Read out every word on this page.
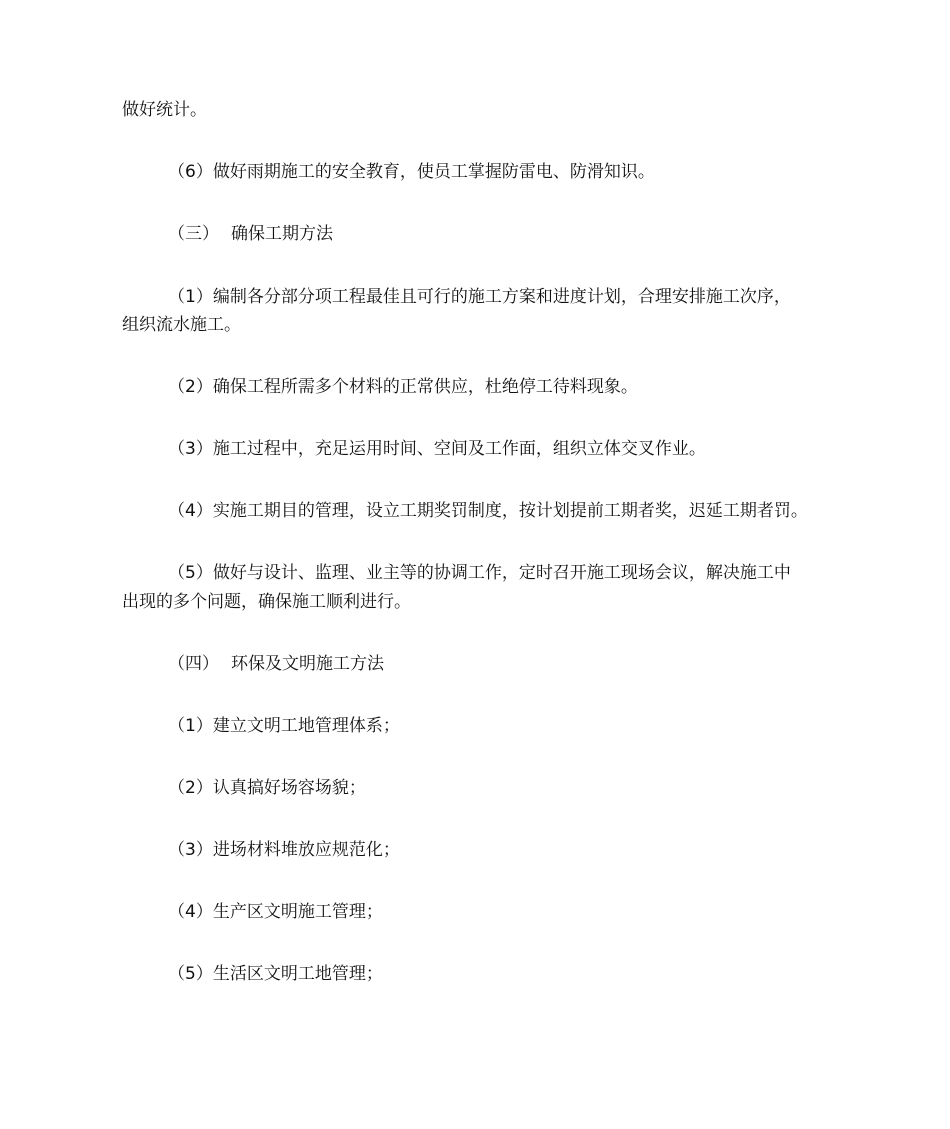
做好统计。
（6）做好雨期施工的安全教育，使员工掌握防雷电、防滑知识。
（三） 确保工期方法
（1）编制各分部分项工程最佳且可行的施工方案和进度计划，合理安排施工次序，
组织流水施工。
（2）确保工程所需多个材料的正常供应，杜绝停工待料现象。
（3）施工过程中，充足运用时间、空间及工作面，组织立体交叉作业。
（4）实施工期目的管理，设立工期奖罚制度，按计划提前工期者奖，迟延工期者罚。
（5）做好与设计、监理、业主等的协调工作，定时召开施工现场会议，解决施工中
出现的多个问题，确保施工顺利进行。
（四） 环保及文明施工方法
（1）建立文明工地管理体系；
（2）认真搞好场容场貌；
（3）进场材料堆放应规范化；
（4）生产区文明施工管理；
（5）生活区文明工地管理；
